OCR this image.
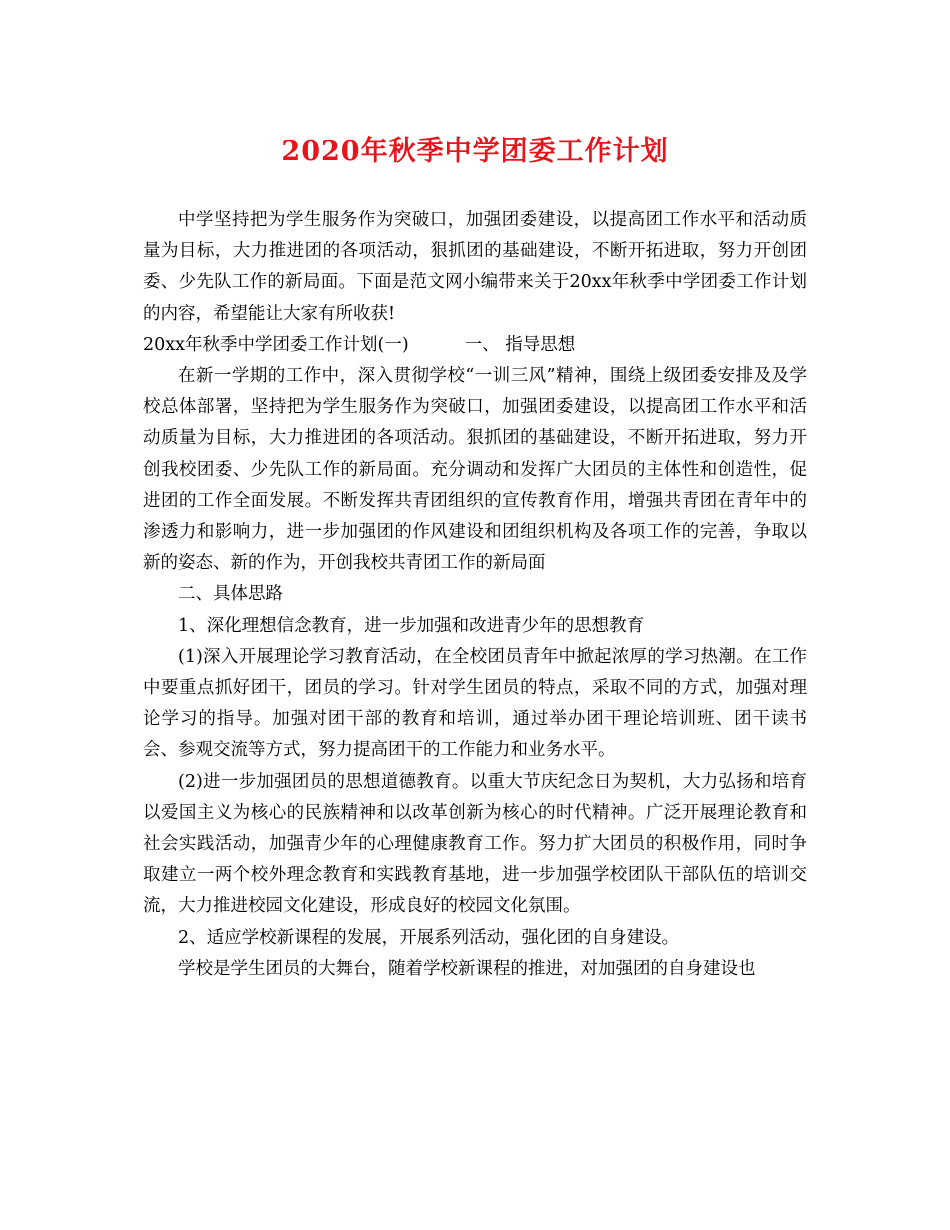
2020年秋季中学团委工作计划

中学坚持把为学生服务作为突破口，加强团委建设，以提高团工作水平和活动质量为目标，大力推进团的各项活动，狠抓团的基础建设，不断开拓进取，努力开创团委、少先队工作的新局面。下面是范文网小编带来关于20xx年秋季中学团委工作计划的内容，希望能让大家有所收获!

20xx年秋季中学团委工作计划(一)	一、 指导思想

在新一学期的工作中，深入贯彻学校“一训三风”精神，围绕上级团委安排及及学校总体部署，坚持把为学生服务作为突破口，加强团委建设，以提高团工作水平和活动质量为目标，大力推进团的各项活动。狠抓团的基础建设，不断开拓进取，努力开创我校团委、少先队工作的新局面。充分调动和发挥广大团员的主体性和创造性，促进团的工作全面发展。不断发挥共青团组织的宣传教育作用，增强共青团在青年中的渗透力和影响力，进一步加强团的作风建设和团组织机构及各项工作的完善，争取以新的姿态、新的作为，开创我校共青团工作的新局面

二、具体思路

1、深化理想信念教育，进一步加强和改进青少年的思想教育

(1)深入开展理论学习教育活动，在全校团员青年中掀起浓厚的学习热潮。在工作中要重点抓好团干，团员的学习。针对学生团员的特点，采取不同的方式，加强对理论学习的指导。加强对团干部的教育和培训，通过举办团干理论培训班、团干读书会、参观交流等方式，努力提高团干的工作能力和业务水平。

(2)进一步加强团员的思想道德教育。以重大节庆纪念日为契机，大力弘扬和培育以爱国主义为核心的民族精神和以改革创新为核心的时代精神。广泛开展理论教育和社会实践活动，加强青少年的心理健康教育工作。努力扩大团员的积极作用，同时争取建立一两个校外理念教育和实践教育基地，进一步加强学校团队干部队伍的培训交流，大力推进校园文化建设，形成良好的校园文化氛围。

2、适应学校新课程的发展，开展系列活动，强化团的自身建设。

学校是学生团员的大舞台，随着学校新课程的推进，对加强团的自身建设也
